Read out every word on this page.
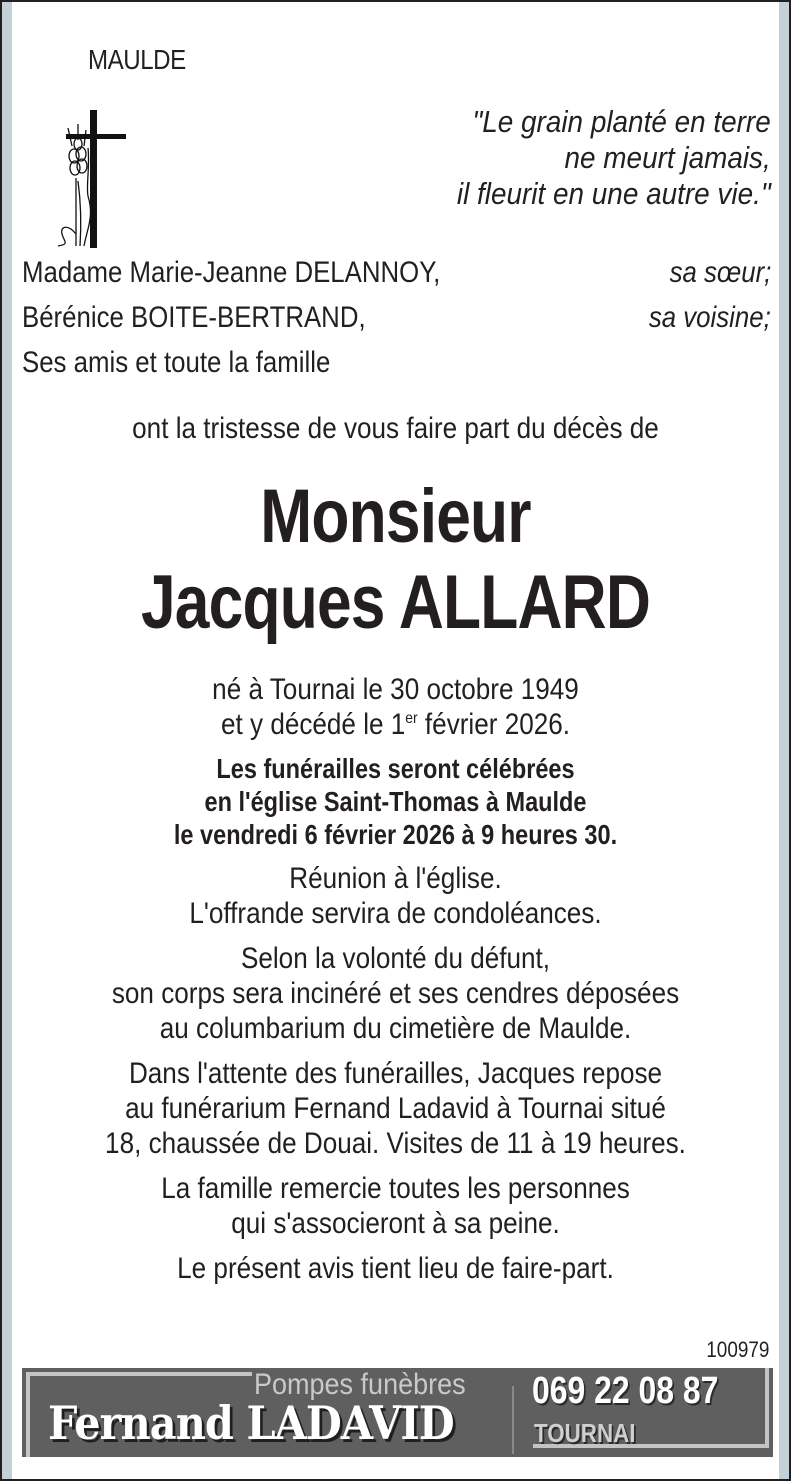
MAULDE
"Le grain planté en terre
ne meurt jamais,
il fleurit en une autre vie."
Madame Marie-Jeanne DELANNOY,	sa sœur;
Bérénice BOITE-BERTRAND,	sa voisine;
Ses amis et toute la famille
ont la tristesse de vous faire part du décès de
Monsieur
Jacques ALLARD
né à Tournai le 30 octobre 1949
et y décédé le 1er février 2026.
Les funérailles seront célébrées
en l'église Saint-Thomas à Maulde
le vendredi 6 février 2026 à 9 heures 30.
Réunion à l'église.
L'offrande servira de condoléances.
Selon la volonté du défunt,
son corps sera incinéré et ses cendres déposées
au columbarium du cimetière de Maulde.
Dans l'attente des funérailles, Jacques repose
au funérarium Fernand Ladavid à Tournai situé
18, chaussée de Douai. Visites de 11 à 19 heures.
La famille remercie toutes les personnes
qui s'associeront à sa peine.
Le présent avis tient lieu de faire-part.
100979
Pompes funèbres
Fernand LADAVID
069 22 08 87
TOURNAI
